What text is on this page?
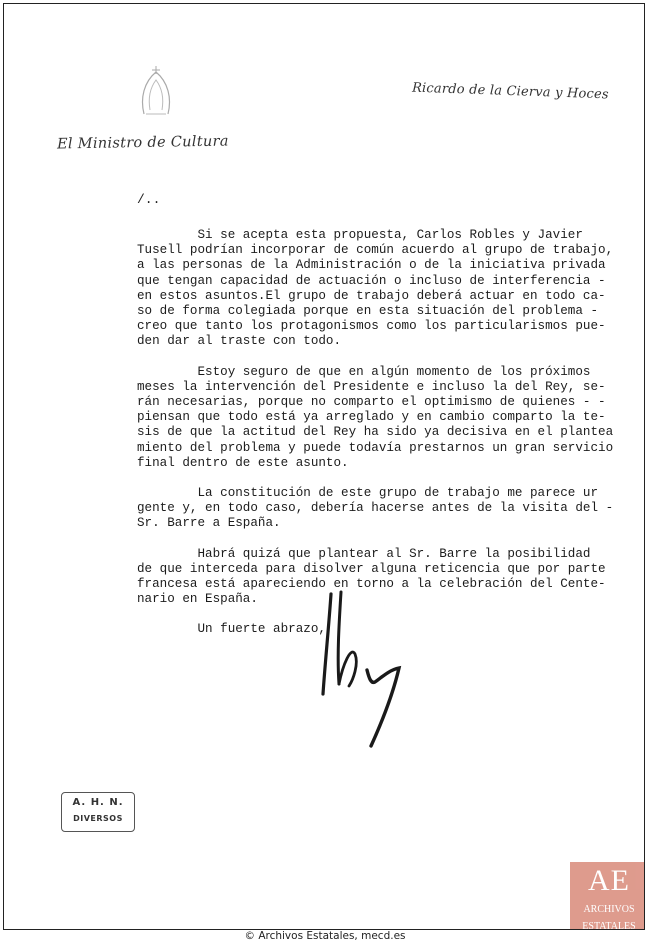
Ricardo de la Cierva y Hoces
El Ministro de Cultura
/..

Si se acepta esta propuesta, Carlos Robles y Javier
Tusell podrían incorporar de común acuerdo al grupo de trabajo,
a las personas de la Administración o de la iniciativa privada
que tengan capacidad de actuación o incluso de interferencia -
en estos asuntos.El grupo de trabajo deberá actuar en todo ca-
so de forma colegiada porque en esta situación del problema -
creo que tanto los protagonismos como los particularismos pue-
den dar al traste con todo.

Estoy seguro de que en algún momento de los próximos
meses la intervención del Presidente e incluso la del Rey, se-
rán necesarias, porque no comparto el optimismo de quienes - -
piensan que todo está ya arreglado y en cambio comparto la te-
sis de que la actitud del Rey ha sido ya decisiva en el plantea
miento del problema y puede todavía prestarnos un gran servicio
final dentro de este asunto.

La constitución de este grupo de trabajo me parece ur
gente y, en todo caso, debería hacerse antes de la visita del -
Sr. Barre a España.

Habrá quizá que plantear al Sr. Barre la posibilidad
de que interceda para disolver alguna reticencia que por parte
francesa está apareciendo en torno a la celebración del Cente-
nario en España.

Un fuerte abrazo,

A. H. N.
DIVERSOS
AE
ARCHIVOS
ESTATALES
© Archivos Estatales, mecd.es
